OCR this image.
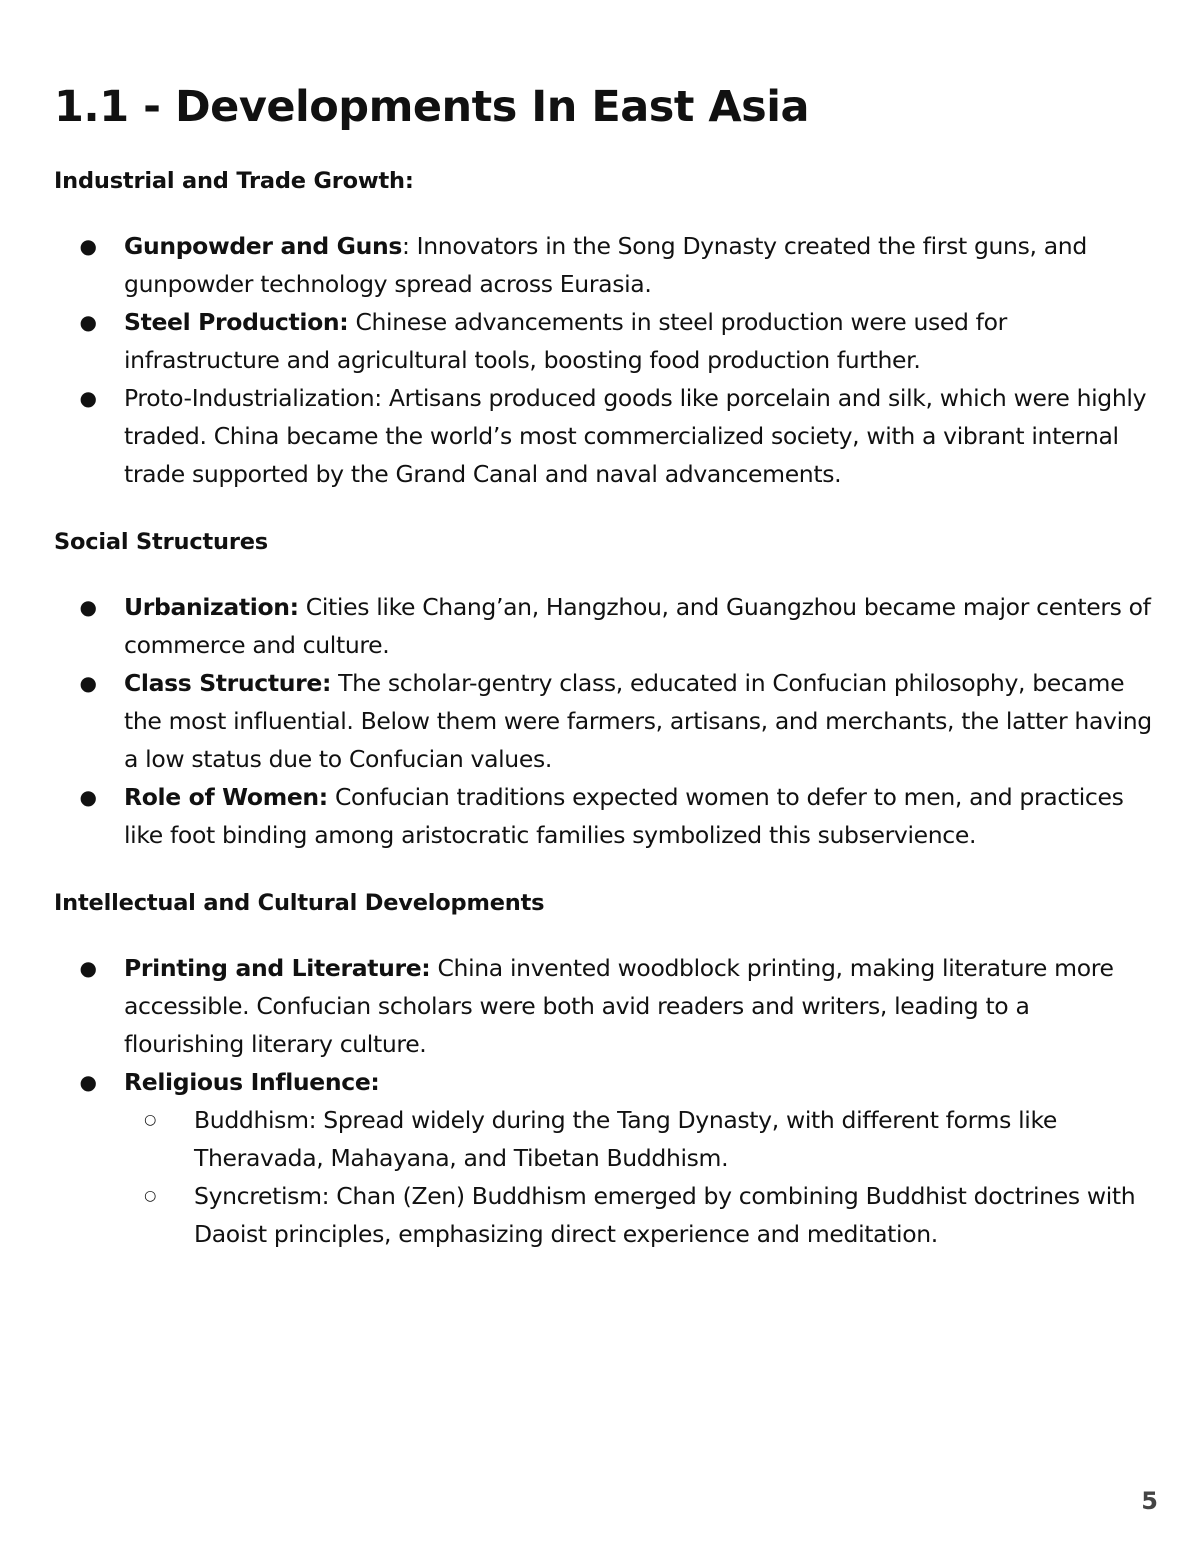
1.1 - Developments In East Asia
Industrial and Trade Growth:
● Gunpowder and Guns: Innovators in the Song Dynasty created the first guns, and gunpowder technology spread across Eurasia.
● Steel Production: Chinese advancements in steel production were used for infrastructure and agricultural tools, boosting food production further.
● Proto-Industrialization: Artisans produced goods like porcelain and silk, which were highly traded. China became the world’s most commercialized society, with a vibrant internal trade supported by the Grand Canal and naval advancements.
Social Structures
● Urbanization: Cities like Chang’an, Hangzhou, and Guangzhou became major centers of commerce and culture.
● Class Structure: The scholar-gentry class, educated in Confucian philosophy, became the most influential. Below them were farmers, artisans, and merchants, the latter having a low status due to Confucian values.
● Role of Women: Confucian traditions expected women to defer to men, and practices like foot binding among aristocratic families symbolized this subservience.
Intellectual and Cultural Developments
● Printing and Literature: China invented woodblock printing, making literature more accessible. Confucian scholars were both avid readers and writers, leading to a flourishing literary culture.
● Religious Influence:
○ Buddhism: Spread widely during the Tang Dynasty, with different forms like Theravada, Mahayana, and Tibetan Buddhism.
○ Syncretism: Chan (Zen) Buddhism emerged by combining Buddhist doctrines with Daoist principles, emphasizing direct experience and meditation.
5
